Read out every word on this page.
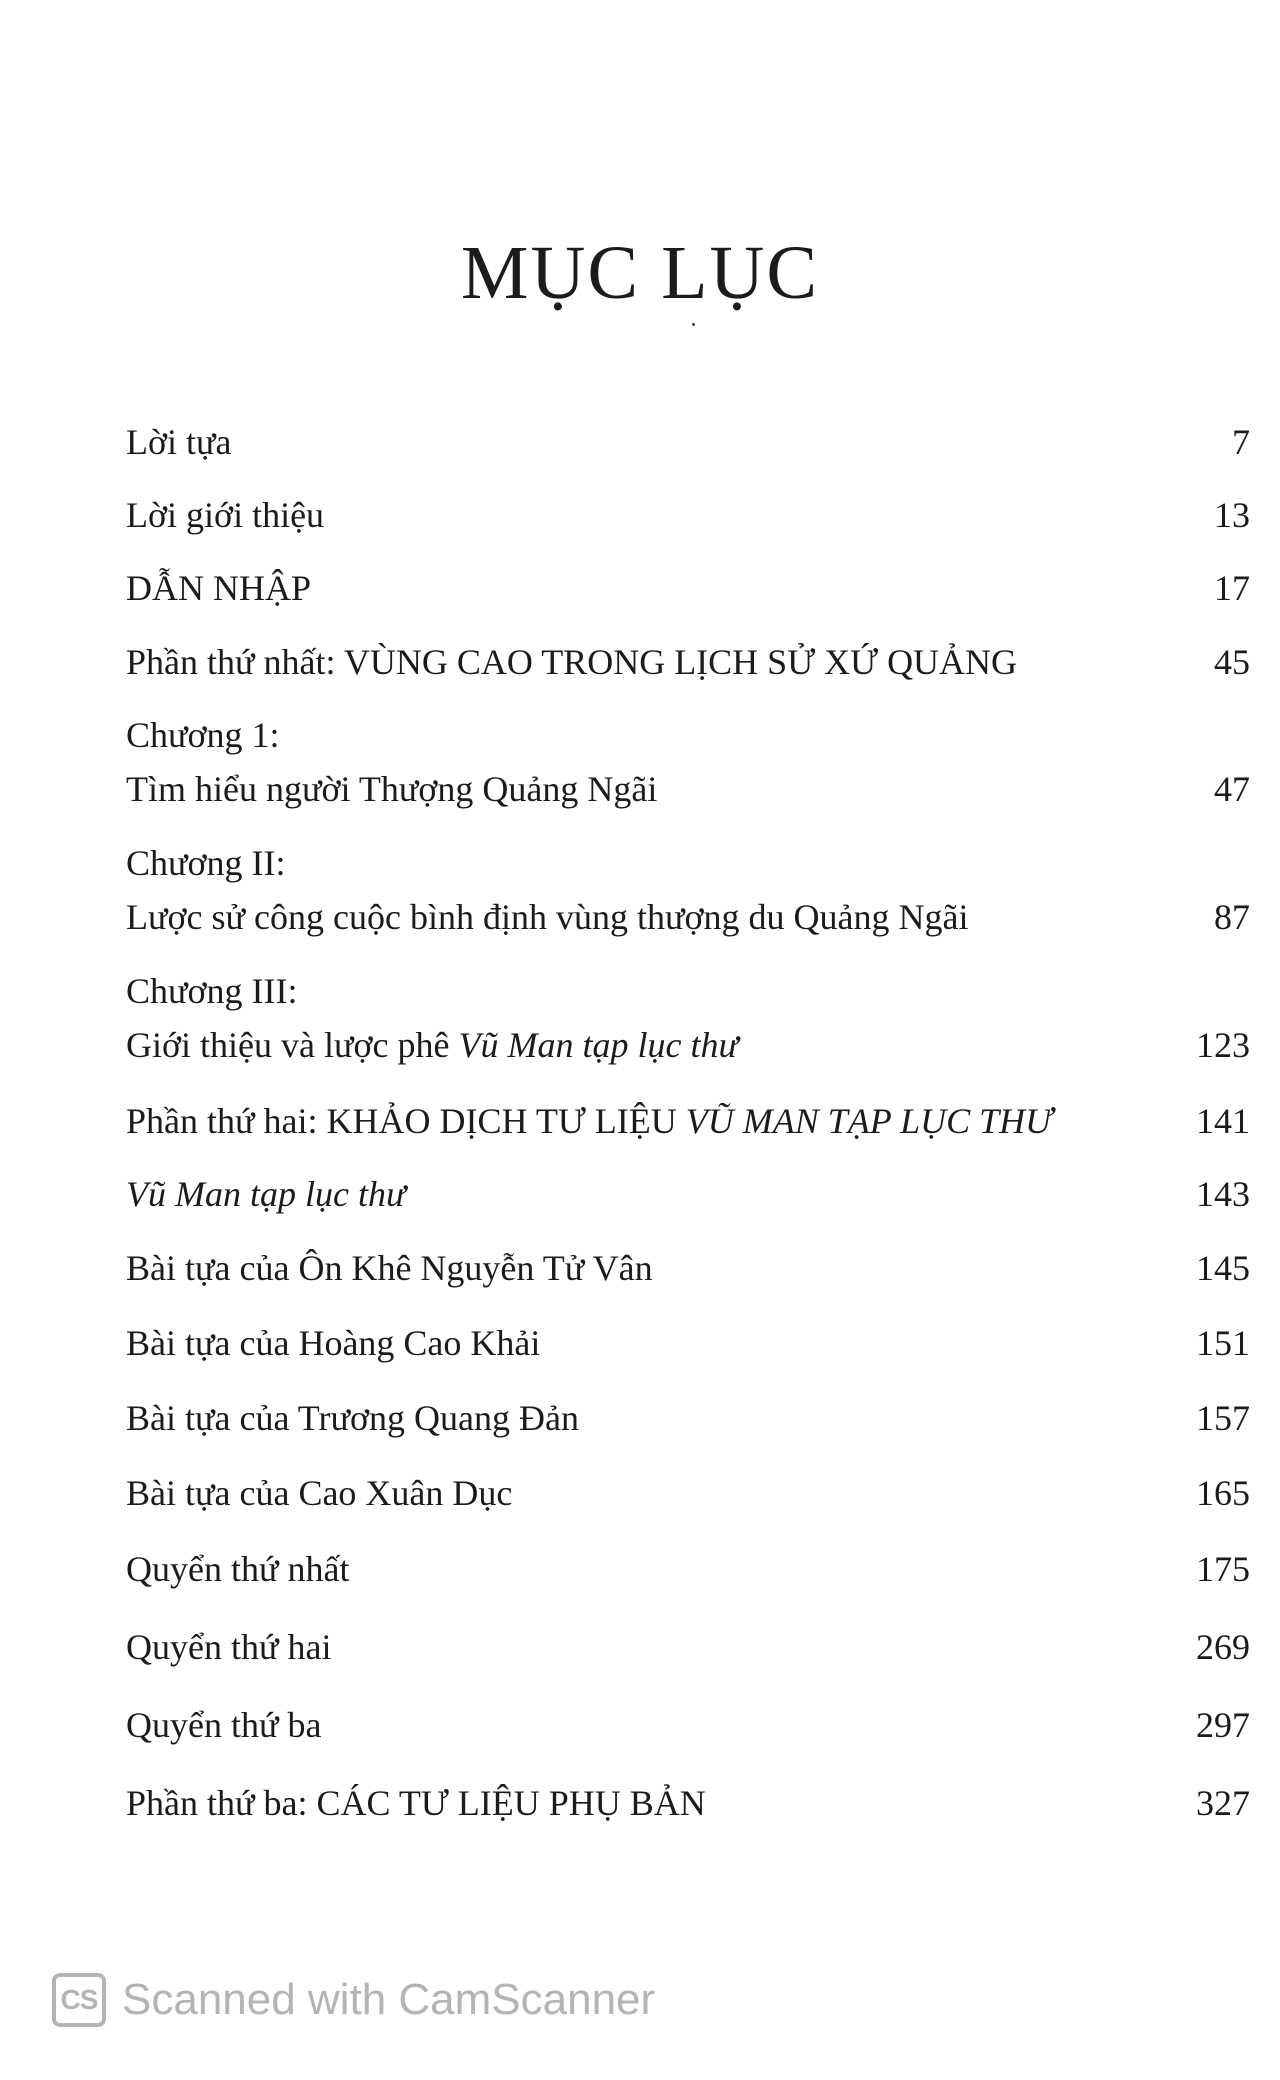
MỤC LỤC
Lời tựa	7
Lời giới thiệu	13
DẪN NHẬP	17
Phần thứ nhất: VÙNG CAO TRONG LỊCH SỬ XỨ QUẢNG	45
Chương 1:
Tìm hiểu người Thượng Quảng Ngãi	47
Chương II:
Lược sử công cuộc bình định vùng thượng du Quảng Ngãi	87
Chương III:
Giới thiệu và lược phê Vũ Man tạp lục thư	123
Phần thứ hai: KHẢO DỊCH TƯ LIỆU VŨ MAN TẠP LỤC THƯ	141
Vũ Man tạp lục thư	143
Bài tựa của Ôn Khê Nguyễn Tử Vân	145
Bài tựa của Hoàng Cao Khải	151
Bài tựa của Trương Quang Đản	157
Bài tựa của Cao Xuân Dục	165
Quyển thứ nhất	175
Quyển thứ hai	269
Quyển thứ ba	297
Phần thứ ba: CÁC TƯ LIỆU PHỤ BẢN	327
CS Scanned with CamScanner
